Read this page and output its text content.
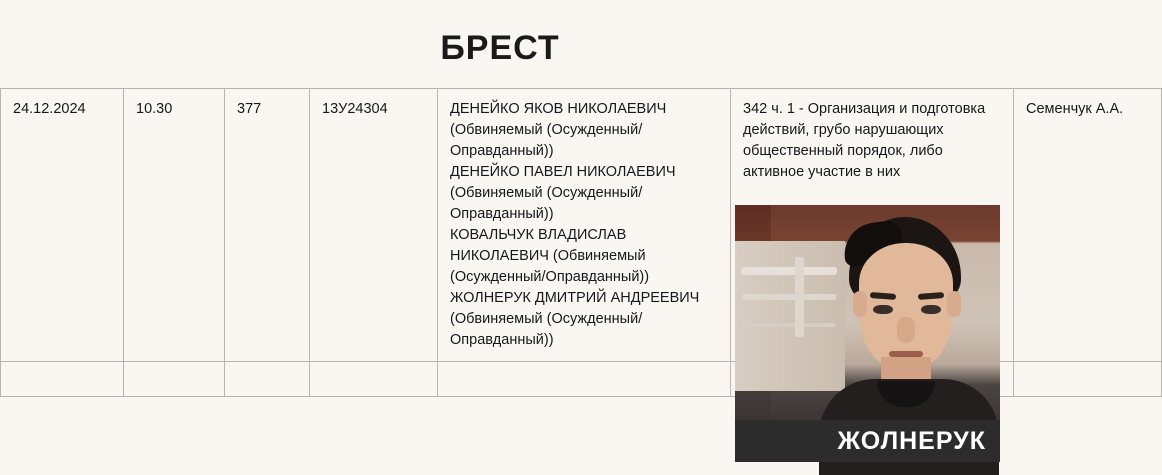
БРЕСТ
24.12.2024	10.30	377	13У24304	ДЕНЕЙКО ЯКОВ НИКОЛАЕВИЧ (Обвиняемый (Осужденный/Оправданный))
ДЕНЕЙКО ПАВЕЛ НИКОЛАЕВИЧ (Обвиняемый (Осужденный/Оправданный))
КОВАЛЬЧУК ВЛАДИСЛАВ НИКОЛАЕВИЧ (Обвиняемый (Осужденный/Оправданный))
ЖОЛНЕРУК ДМИТРИЙ АНДРЕЕВИЧ (Обвиняемый (Осужденный/Оправданный))	342 ч. 1 - Организация и подготовка действий, грубо нарушающих общественный порядок, либо активное участие в них	Семенчук А.А.

ЖОЛНЕРУК
